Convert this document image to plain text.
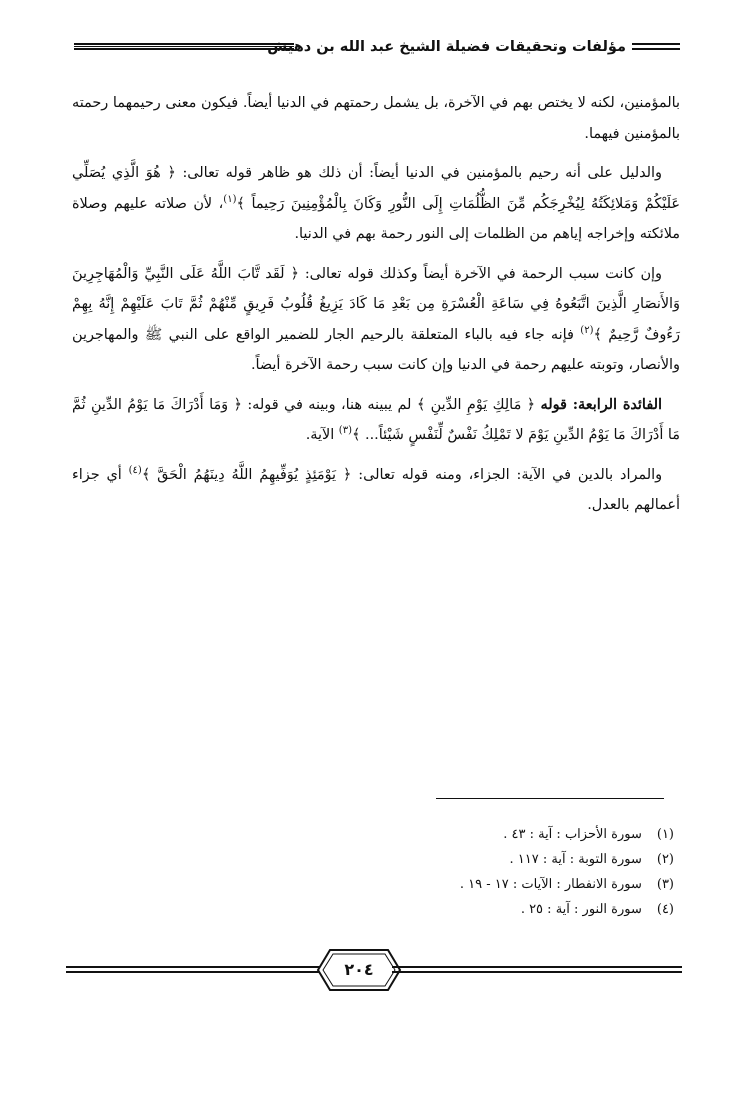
مؤلفات وتحقيقات فضيلة الشيخ عبد الله بن دهيش

بالمؤمنين، لكنه لا يختص بهم في الآخرة، بل يشمل رحمتهم في الدنيا أيضاً. فيكون معنى رحيمهما رحمته بالمؤمنين فيهما.

والدليل على أنه رحيم بالمؤمنين في الدنيا أيضاً: أن ذلك هو ظاهر قوله تعالى: ﴿ هُوَ الَّذِي يُصَلِّي عَلَيْكُمْ وَمَلائِكَتُهُ لِيُخْرِجَكُم مِّنَ الظُّلُمَاتِ إِلَى النُّورِ وَكَانَ بِالْمُؤْمِنِينَ رَحِيماً ﴾$^{(١)}$، لأن صلاته عليهم وصلاة ملائكته وإخراجه إياهم من الظلمات إلى النور رحمة بهم في الدنيا.

وإن كانت سبب الرحمة في الآخرة أيضاً وكذلك قوله تعالى: ﴿ لَقَد تَّابَ اللَّهُ عَلَى النَّبِيِّ وَالْمُهَاجِرِينَ وَالأَنصَارِ الَّذِينَ اتَّبَعُوهُ فِي سَاعَةِ الْعُسْرَةِ مِن بَعْدِ مَا كَادَ يَزِيغُ قُلُوبُ فَرِيقٍ مِّنْهُمْ ثُمَّ تَابَ عَلَيْهِمْ إِنَّهُ بِهِمْ رَءُوفٌ رَّحِيمٌ ﴾$^{(٢)}$ فإنه جاء فيه بالباء المتعلقة بالرحيم الجار للضمير الواقع على النبي ﷺ والمهاجرين والأنصار، وتوبته عليهم رحمة في الدنيا وإن كانت سبب رحمة الآخرة أيضاً.

الفائدة الرابعة: قوله ﴿ مَالِكِ يَوْمِ الدِّينِ ﴾ لم يبينه هنا، وبينه في قوله: ﴿ وَمَا أَدْرَاكَ مَا يَوْمُ الدِّينِ ثُمَّ مَا أَدْرَاكَ مَا يَوْمُ الدِّينِ يَوْمَ لا تَمْلِكُ نَفْسٌ لِّنَفْسٍ شَيْئاً... ﴾$^{(٣)}$ الآية.

والمراد بالدين في الآية: الجزاء، ومنه قوله تعالى: ﴿ يَوْمَئِذٍ يُوَفِّيهِمُ اللَّهُ دِينَهُمُ الْحَقَّ ﴾$^{(٤)}$ أي جزاء أعمالهم بالعدل.

(١) سورة الأحزاب : آية : ٤٣ .
(٢) سورة التوبة : آية : ١١٧ .
(٣) سورة الانفطار : الآيات : ١٧ - ١٩ .
(٤) سورة النور : آية : ٢٥ .
٢٠٤
